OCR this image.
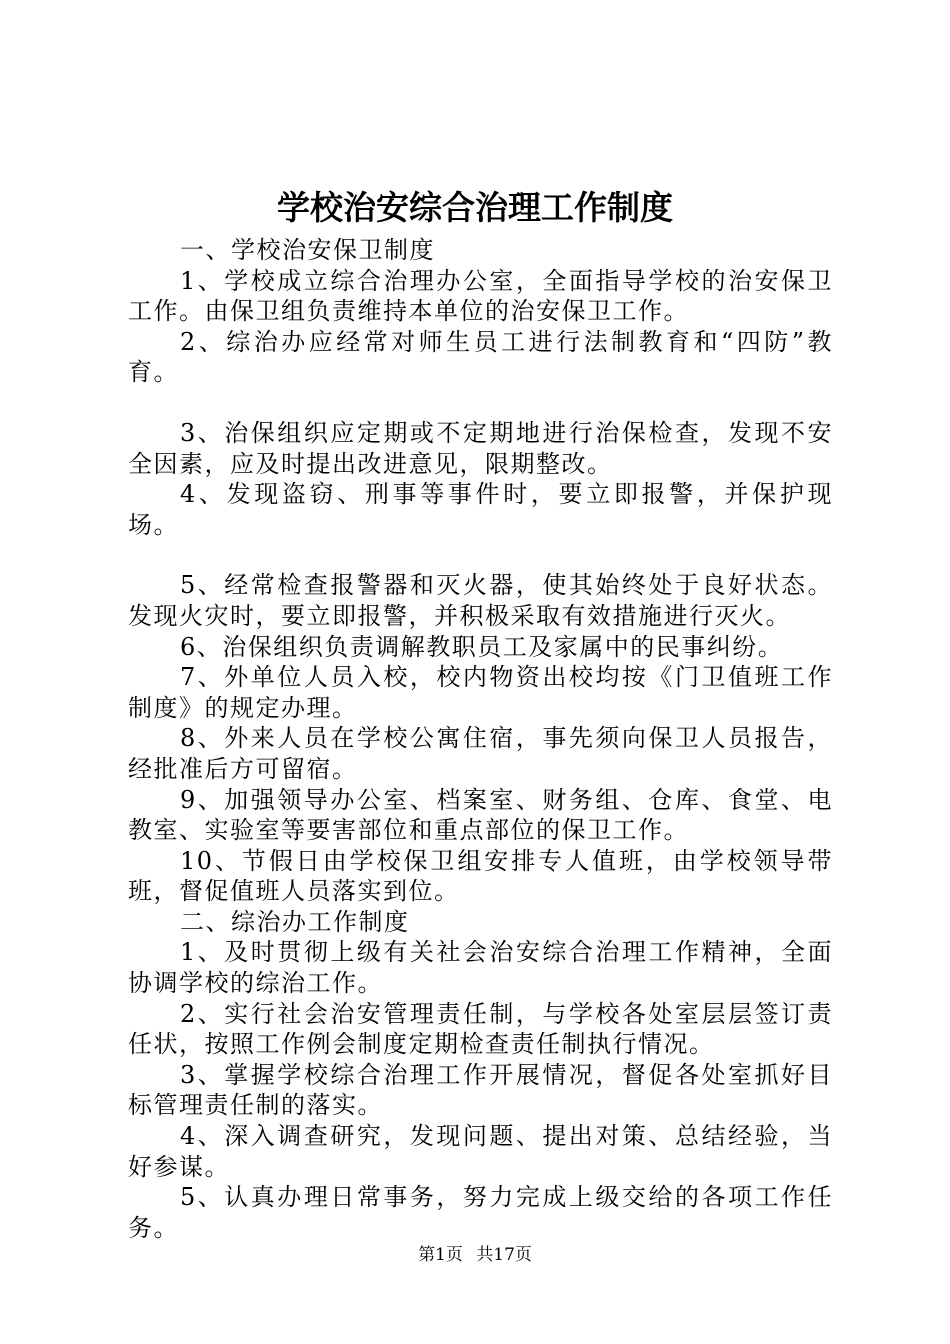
学校治安综合治理工作制度

一、学校治安保卫制度

1、学校成立综合治理办公室，全面指导学校的治安保卫工作。由保卫组负责维持本单位的治安保卫工作。

2、综治办应经常对师生员工进行法制教育和“四防”教育。

3、治保组织应定期或不定期地进行治保检查，发现不安全因素，应及时提出改进意见，限期整改。

4、发现盗窃、刑事等事件时，要立即报警，并保护现场。

5、经常检查报警器和灭火器，使其始终处于良好状态。发现火灾时，要立即报警，并积极采取有效措施进行灭火。

6、治保组织负责调解教职员工及家属中的民事纠纷。

7、外单位人员入校，校内物资出校均按《门卫值班工作制度》的规定办理。

8、外来人员在学校公寓住宿，事先须向保卫人员报告，经批准后方可留宿。

9、加强领导办公室、档案室、财务组、仓库、食堂、电教室、实验室等要害部位和重点部位的保卫工作。

10、节假日由学校保卫组安排专人值班，由学校领导带班，督促值班人员落实到位。

二、综治办工作制度

1、及时贯彻上级有关社会治安综合治理工作精神，全面协调学校的综治工作。

2、实行社会治安管理责任制，与学校各处室层层签订责任状，按照工作例会制度定期检查责任制执行情况。

3、掌握学校综合治理工作开展情况，督促各处室抓好目标管理责任制的落实。

4、深入调查研究，发现问题、提出对策、总结经验，当好参谋。

5、认真办理日常事务，努力完成上级交给的各项工作任务。

第1页 共17页
